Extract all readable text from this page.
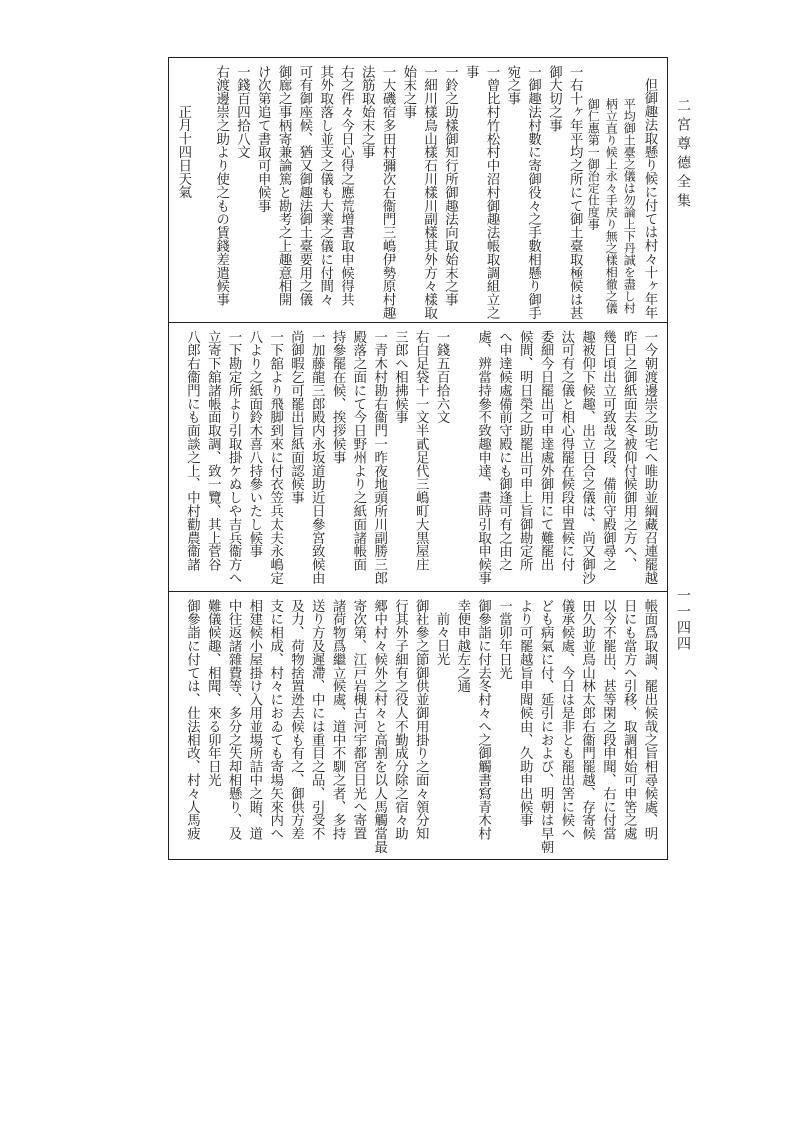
二宮尊德全集
一一四四
但御趣法取懸り候に付ては村々十ヶ年年
平均御土臺之儀は勿論上下丹誠を盡し村
柄立直り候上永々手戻り無之樣相徹之儀
御仁惠第一御治定仕度事
一右十ヶ年平均之所にて御土臺取極候は甚
御大切之事
一御趣法村數に寄御役々之手數相懸り御手
宛之事
一曾比村竹松村中沼村御趣法帳取調組立之
事
一鈴之助樣御知行所御趣法向取始末之事
一細川樣鳥山樣石川樣川副樣其外方々樣取
始末之事
一大磯宿多田村彌次右衞門三嶋伊勢原村趣
法筋取始末之事
右之件々今日心得之應荒增書取申候得共
其外取落し並支之儀も大業之儀に付間々
可有御座候、猶又御趣法御土臺要用之儀
御廊之事柄寄兼論篤と勘考之上趣意相開
け次第追て書取可申候事
一錢百四拾八文
右渡邊崇之助より使之もの賃錢差遣候事
正月十四日天氣
一今朝渡邊崇之助宅へ唯助並綱藏召連罷越
昨日之御紙面去冬被仰付候御用之方へ、
幾日頃出立可致哉之段、備前守殿御尋之
趣被仰下候趣、出立日合之儀は、尚又御沙
汰可有之儀と相心得罷在候段申置候に付
委細今日罷出可申達處外御用にて難罷出
候間、明日榮之助罷出可申上旨御勘定所
へ申達候處備前守殿にも御逢可有之由之
處、辨當持參不致趣申達、晝時引取申候事
一錢五百拾六文
右白足袋十一文半貳足代三嶋町大黒屋庄
三郎へ相拂候事
一青木村勘右衞門一昨夜地頭所川副勝三郎
殿落之面にて今日野州より之紙面諸帳面
持參罷在候、挨拶候事
一加藤龍三郎殿内永坂道助近日參宮致候由
尚御暇乞可罷出旨紙面認候事
一下舘より飛脚到來に付衣笠兵太夫永嶋定
八より之紙面鈴木喜八持參いたし候事
一下勘定所より引取掛ケぬしや吉兵衞方へ
立寄下舘諸帳面取調、致一覽、其上菅谷
八郎右衞門にも面談之上、中村勸農衞諸
帳面爲取調、罷出候哉之旨相尋候處、明
日にも當方へ引移、取調相始可申筈之處
以今不罷出、甚等閑之段申聞、右に付當
田久助並鳥山林太郎右衞門罷越、存寄候
儀承候處、今日は是非とも罷出筈に候へ
ども病氣に付、延引におよび、明朝は早朝
より可罷越旨申聞候由、久助申出候事
一當卯年日光
御參詣に付去冬村々へ之御觸書寫青木村
幸便申越左之通
前々日光
御社參之節御供並御用掛り之面々領分知
行其外子細有之役人不勤成分除之宿々助
郷中村々候外之村々と高割を以人馬觸當最
寄次第、江戸岩槻古河宇都宮日光へ寄置
諸荷物爲繼立候處、道中不馴之者、多持
送り方及遲滯、中には重目之品、引受不
及力、荷物捨置迯去候も有之、御供方差
支に相成、村々におゐても寄場矢來内へ
相建候小屋掛け入用並場所詰中之賄、道
中往返諸雜費等、多分之失却相懸り、及
難儀候趣、相聞、來る卯年日光
御參詣に付ては、仕法相改、村々人馬疲
